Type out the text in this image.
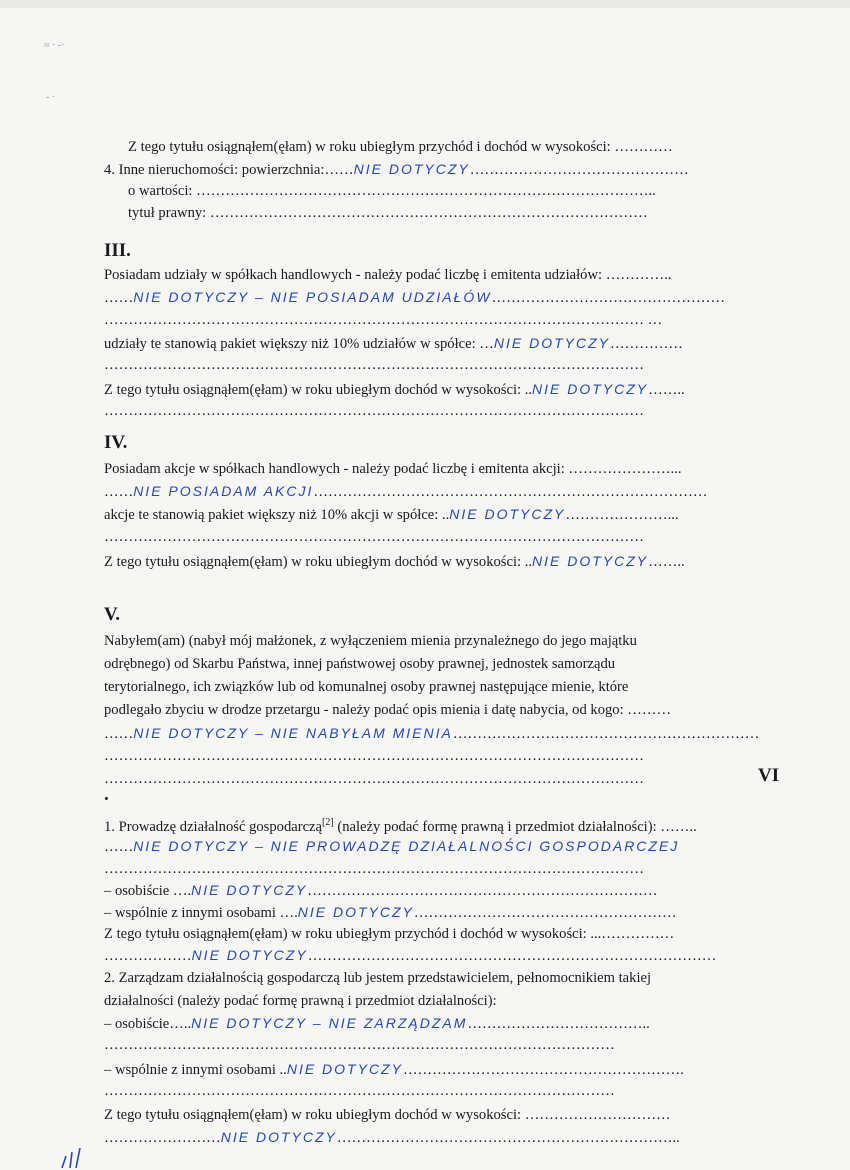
≈ · -·
- ·
Z tego tytułu osiągnąłem(ęłam) w roku ubiegłym przychód i dochód w wysokości: …………
4. Inne nieruchomości: powierzchnia:……NIE DOTYCZY………………………………………
o wartości: …………………………………………………………………………………..
tytuł prawny: ………………………………………………………………………………
III.
Posiadam udziały w spółkach handlowych - należy podać liczbę i emitenta udziałów: …………..
……NIE DOTYCZY – NIE POSIADAM UDZIAŁÓW…………………………………………
………………………………………………………………………………………………… …
udziały te stanowią pakiet większy niż 10% udziałów w spółce: …NIE DOTYCZY……………
…………………………………………………………………………………………………
Z tego tytułu osiągnąłem(ęłam) w roku ubiegłym dochód w wysokości: ..NIE DOTYCZY……..
…………………………………………………………………………………………………
IV.
Posiadam akcje w spółkach handlowych - należy podać liczbę i emitenta akcji: …………………...
……NIE POSIADAM AKCJI………………………………………………………………………
akcje te stanowią pakiet większy niż 10% akcji w spółce: ..NIE DOTYCZY…………………...
…………………………………………………………………………………………………
Z tego tytułu osiągnąłem(ęłam) w roku ubiegłym dochód w wysokości: ..NIE DOTYCZY……..
V.
Nabyłem(am) (nabył mój małżonek, z wyłączeniem mienia przynależnego do jego majątku
odrębnego) od Skarbu Państwa, innej państwowej osoby prawnej, jednostek samorządu
terytorialnego, ich związków lub od komunalnej osoby prawnej następujące mienie, które
podlegało zbyciu w drodze przetargu - należy podać opis mienia i datę nabycia, od kogo: ………
……NIE DOTYCZY – NIE NABYŁAM MIENIA………………………………………………………
…………………………………………………………………………………………………
…………………………………………………………………………………………………	VI
.
1. Prowadzę działalność gospodarczą[2] (należy podać formę prawną i przedmiot działalności): ……..
……NIE DOTYCZY – NIE PROWADZĘ DZIAŁALNOŚCI GOSPODARCZEJ
…………………………………………………………………………………………………
– osobiście ….NIE DOTYCZY………………………………………………………………
– wspólnie z innymi osobami ….NIE DOTYCZY………………………………………………
Z tego tytułu osiągnąłem(ęłam) w roku ubiegłym przychód i dochód w wysokości: ...……………
………………NIE DOTYCZY…………………………………………………………………………
2. Zarządzam działalnością gospodarczą lub jestem przedstawicielem, pełnomocnikiem takiej
działalności (należy podać formę prawną i przedmiot działalności):
– osobiście…..NIE DOTYCZY – NIE ZARZĄDZAM………………………………..
……………………………………………………………………………………………
– wspólnie z innymi osobami ..NIE DOTYCZY………………………………………………….
……………………………………………………………………………………………
Z tego tytułu osiągnąłem(ęłam) w roku ubiegłym dochód w wysokości: …………………………
……………………NIE DOTYCZY……………………………………………………………..
